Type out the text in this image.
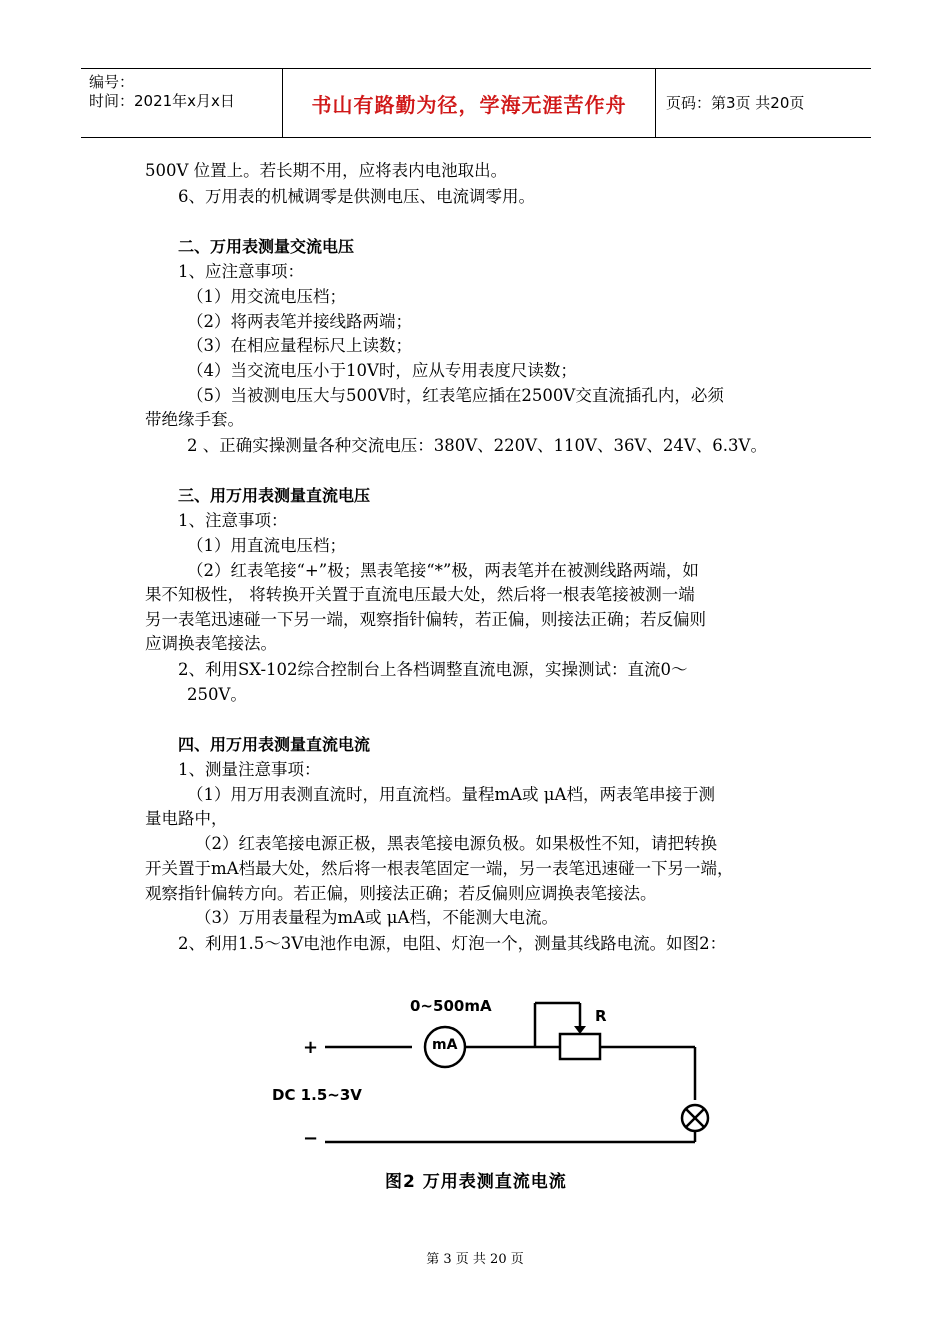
编号：
时间：2021年x月x日	书山有路勤为径，学海无涯苦作舟	页码：第3页 共20页
500V 位置上。若长期不用，应将表内电池取出。
6、万用表的机械调零是供测电压、电流调零用。
二、万用表测量交流电压
1、应注意事项：
（1）用交流电压档；
（2）将两表笔并接线路两端；
（3）在相应量程标尺上读数；
（4）当交流电压小于10V时，应从专用表度尺读数；
（5）当被测电压大与500V时，红表笔应插在2500V交直流插孔内，必须
带绝缘手套。
2 、正确实操测量各种交流电压：380V、220V、110V、36V、24V、6.3V。
三、用万用表测量直流电压
1、注意事项：
（1）用直流电压档；
（2）红表笔接“+”极；黑表笔接“*”极，两表笔并在被测线路两端，如
果不知极性， 将转换开关置于直流电压最大处，然后将一根表笔接被测一端
另一表笔迅速碰一下另一端，观察指针偏转，若正偏，则接法正确；若反偏则
应调换表笔接法。
2、利用SX-102综合控制台上各档调整直流电源，实操测试：直流0～
250V。
四、用万用表测量直流电流
1、测量注意事项：
（1）用万用表测直流时，用直流档。量程mA或 μA档，两表笔串接于测
量电路中，
（2）红表笔接电源正极，黑表笔接电源负极。如果极性不知，请把转换
开关置于mA档最大处，然后将一根表笔固定一端，另一表笔迅速碰一下另一端，
观察指针偏转方向。若正偏，则接法正确；若反偏则应调换表笔接法。
（3）万用表量程为mA或 μA档，不能测大电流。
2、利用1.5～3V电池作电源，电阻、灯泡一个，测量其线路电流。如图2：
0~500mA
mA
R
+
DC 1.5~3V
−
图2 万用表测直流电流
第 3 页 共 20 页
